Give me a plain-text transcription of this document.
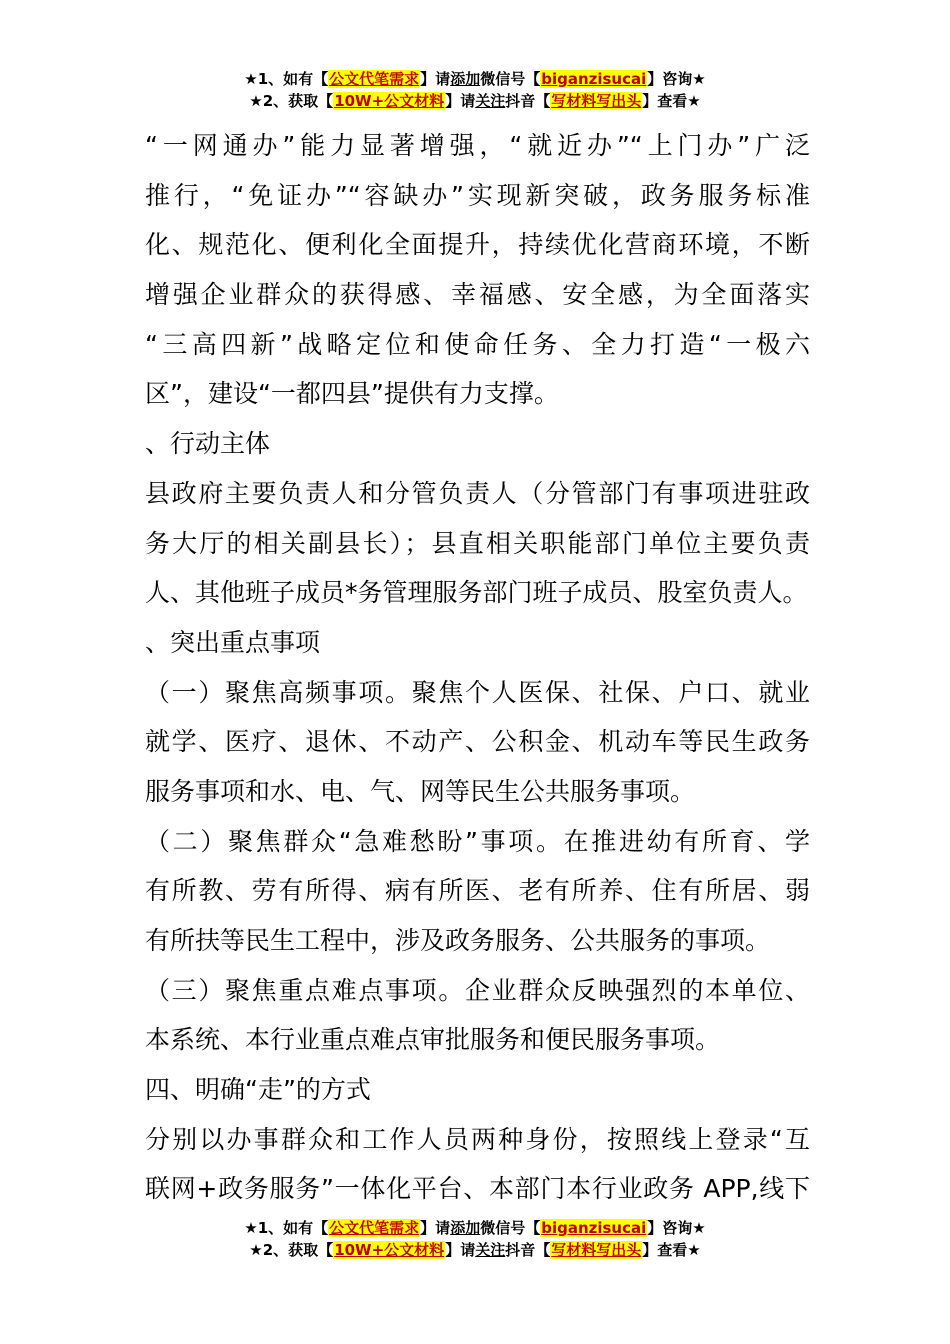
★1、如有【公文代笔需求】请添加微信号【biganzisucai】咨询★
★2、获取【10W+公文材料】请关注抖音【写材料写出头】查看★
“一网通办”能力显著增强，“就近办”“上门办”广泛
推行，“免证办”“容缺办”实现新突破，政务服务标准
化、规范化、便利化全面提升，持续优化营商环境，不断
增强企业群众的获得感、幸福感、安全感，为全面落实
“三高四新”战略定位和使命任务、全力打造“一极六
区”，建设“一都四县”提供有力支撑。
、行动主体
县政府主要负责人和分管负责人（分管部门有事项进驻政
务大厅的相关副县长）；县直相关职能部门单位主要负责
人、其他班子成员*务管理服务部门班子成员、股室负责人。
、突出重点事项
（一）聚焦高频事项。聚焦个人医保、社保、户口、就业
就学、医疗、退休、不动产、公积金、机动车等民生政务
服务事项和水、电、气、网等民生公共服务事项。
（二）聚焦群众“急难愁盼”事项。在推进幼有所育、学
有所教、劳有所得、病有所医、老有所养、住有所居、弱
有所扶等民生工程中，涉及政务服务、公共服务的事项。
（三）聚焦重点难点事项。企业群众反映强烈的本单位、
本系统、本行业重点难点审批服务和便民服务事项。
四、明确“走”的方式
分别以办事群众和工作人员两种身份，按照线上登录“互
联网+政务服务”一体化平台、本部门本行业政务 APP,线下
★1、如有【公文代笔需求】请添加微信号【biganzisucai】咨询★
★2、获取【10W+公文材料】请关注抖音【写材料写出头】查看★
